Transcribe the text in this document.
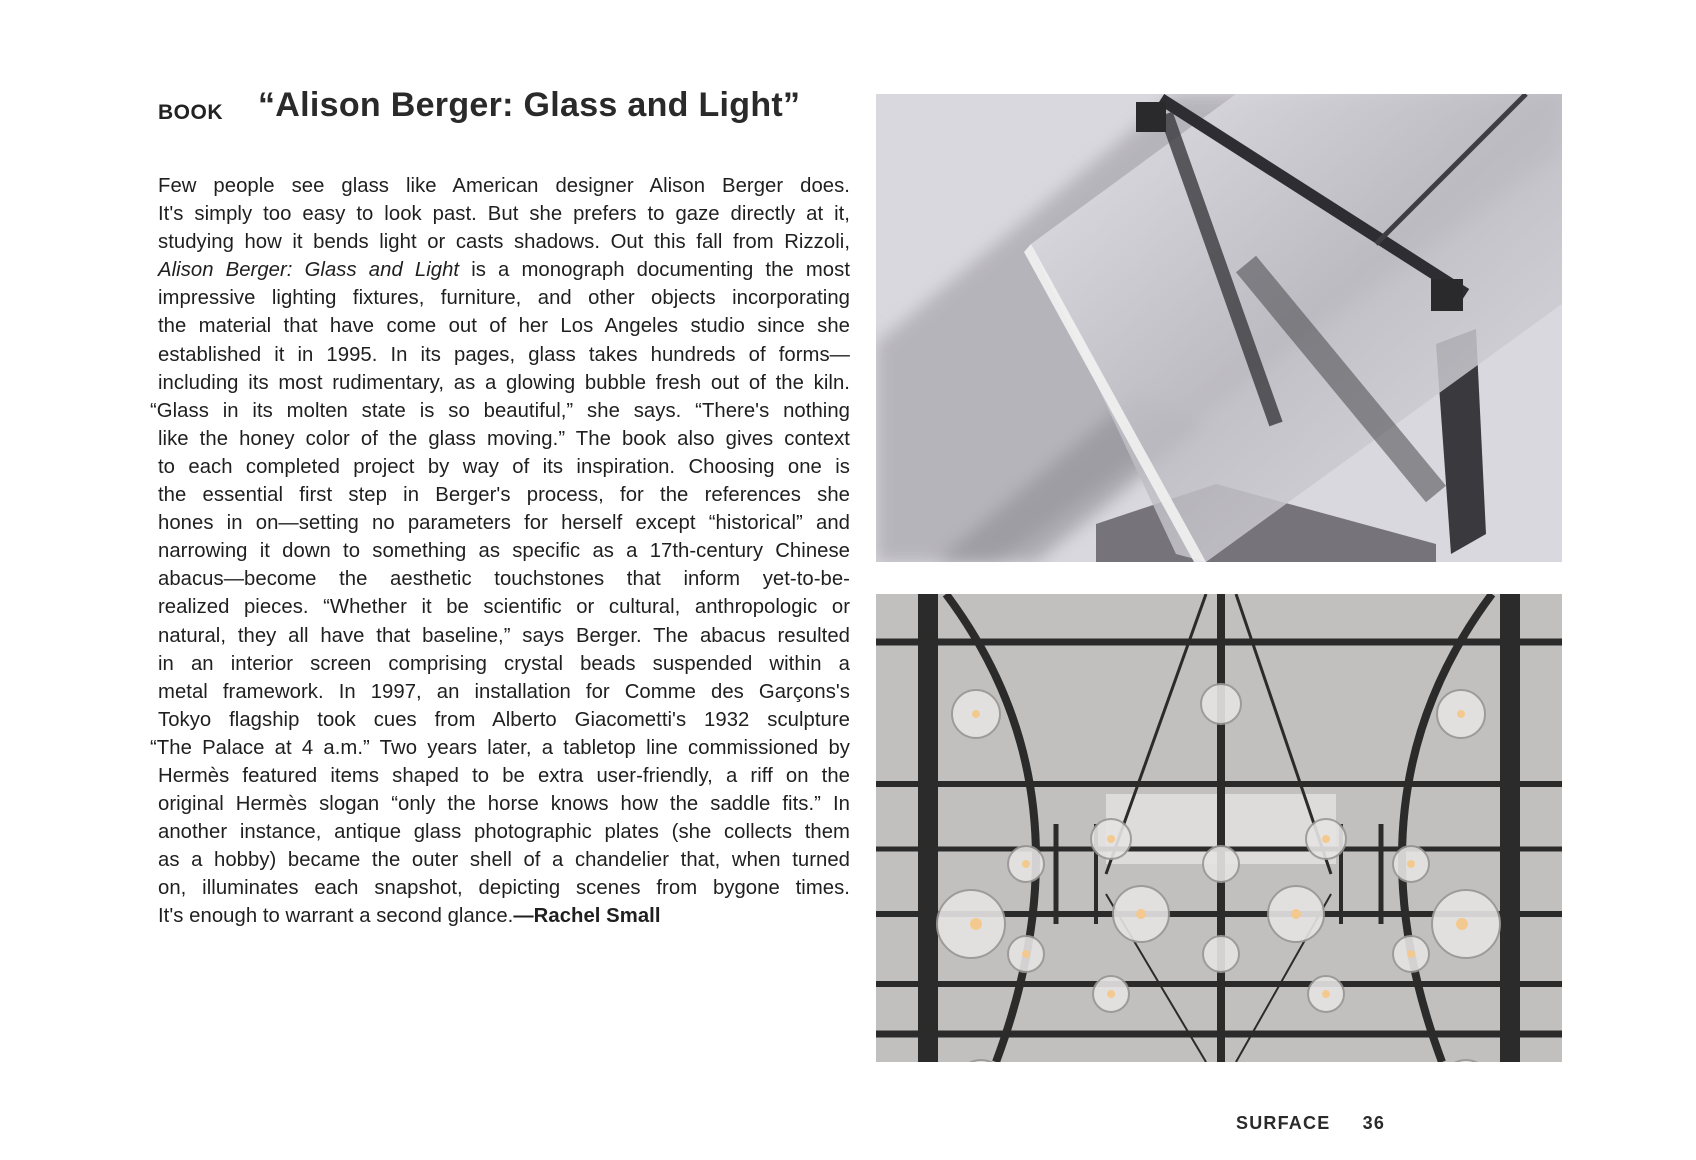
BOOK “Alison Berger: Glass and Light”
Few people see glass like American designer Alison Berger does.
It's simply too easy to look past. But she prefers to gaze directly at it,
studying how it bends light or casts shadows. Out this fall from Rizzoli,
Alison Berger: Glass and Light is a monograph documenting the most
impressive lighting fixtures, furniture, and other objects incorporating
the material that have come out of her Los Angeles studio since she
established it in 1995. In its pages, glass takes hundreds of forms—
including its most rudimentary, as a glowing bubble fresh out of the kiln.
“Glass in its molten state is so beautiful,” she says. “There's nothing
like the honey color of the glass moving.” The book also gives context
to each completed project by way of its inspiration. Choosing one is
the essential first step in Berger's process, for the references she
hones in on—setting no parameters for herself except “historical” and
narrowing it down to something as specific as a 17th-century Chinese
abacus—become the aesthetic touchstones that inform yet-to-be-
realized pieces. “Whether it be scientific or cultural, anthropologic or
natural, they all have that baseline,” says Berger. The abacus resulted
in an interior screen comprising crystal beads suspended within a
metal framework. In 1997, an installation for Comme des Garçons's
Tokyo flagship took cues from Alberto Giacometti's 1932 sculpture
“The Palace at 4 a.m.” Two years later, a tabletop line commissioned by
Hermès featured items shaped to be extra user-friendly, a riff on the
original Hermès slogan “only the horse knows how the saddle fits.” In
another instance, antique glass photographic plates (she collects them
as a hobby) became the outer shell of a chandelier that, when turned
on, illuminates each snapshot, depicting scenes from bygone times.
It's enough to warrant a second glance.—Rachel Small
SURFACE 36
